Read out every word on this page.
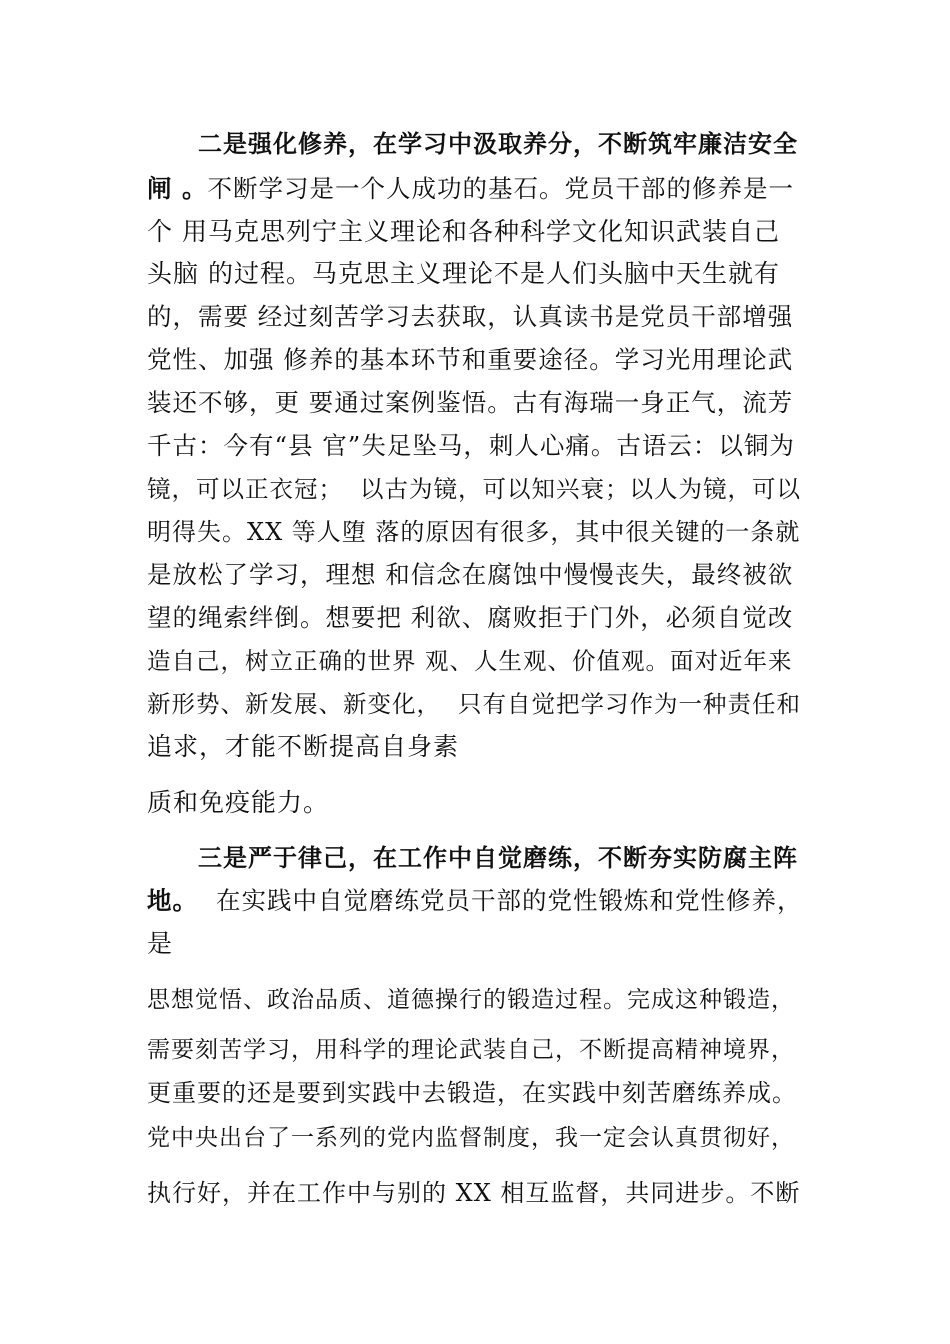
二是强化修养，在学习中汲取养分，不断筑牢廉洁安全
闸 。不断学习是一个人成功的基石。党员干部的修养是一
个 用马克思列宁主义理论和各种科学文化知识武装自己
头脑 的过程。马克思主义理论不是人们头脑中天生就有
的，需要 经过刻苦学习去获取，认真读书是党员干部增强
党性、加强 修养的基本环节和重要途径。学习光用理论武
装还不够，更 要通过案例鉴悟。古有海瑞一身正气，流芳
千古：今有“县 官”失足坠马，刺人心痛。古语云：以铜为
镜，可以正衣冠；  以古为镜，可以知兴衰；以人为镜，可以
明得失。XX 等人堕 落的原因有很多，其中很关键的一条就
是放松了学习，理想 和信念在腐蚀中慢慢丧失，最终被欲
望的绳索绊倒。想要把 利欲、腐败拒于门外，必须自觉改
造自己，树立正确的世界 观、人生观、价值观。面对近年来
新形势、新发展、新变化，  只有自觉把学习作为一种责任和
追求，才能不断提高自身素
质和免疫能力。
三是严于律己，在工作中自觉磨练，不断夯实防腐主阵
地。 在实践中自觉磨练党员干部的党性锻炼和党性修养，
是
思想觉悟、政治品质、道德操行的锻造过程。完成这种锻造，
需要刻苦学习，用科学的理论武装自己，不断提高精神境界，
更重要的还是要到实践中去锻造，在实践中刻苦磨练养成。
党中央出台了一系列的党内监督制度，我一定会认真贯彻好，
执行好，并在工作中与别的 XX 相互监督，共同进步。不断
